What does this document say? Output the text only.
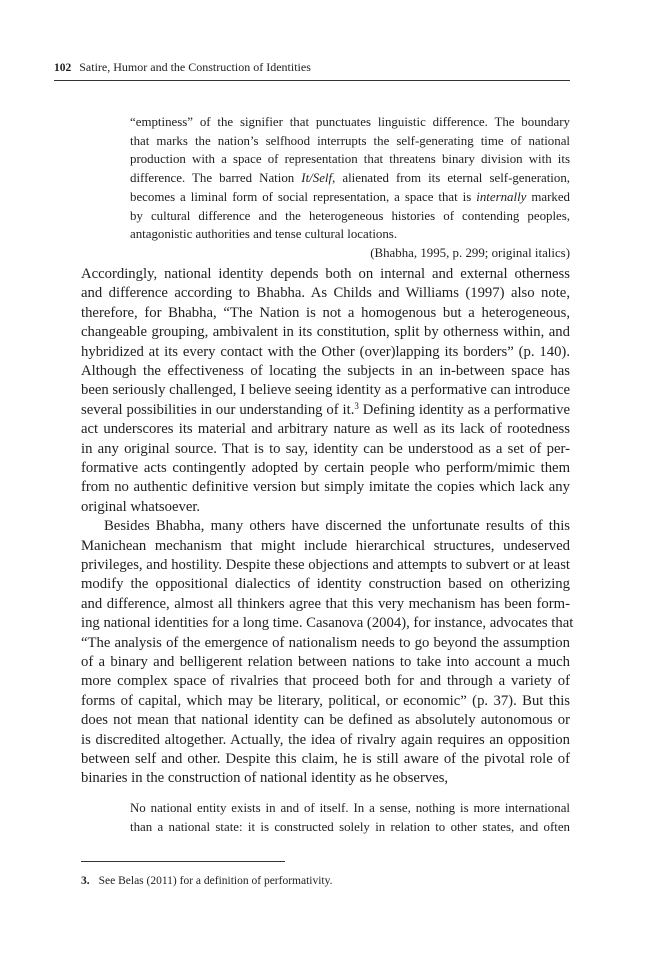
102 Satire, Humor and the Construction of Identities
“emptiness” of the signifier that punctuates linguistic difference. The boundary
that marks the nation’s selfhood interrupts the self-generating time of national
production with a space of representation that threatens binary division with its
difference. The barred Nation It/Self, alienated from its eternal self-generation,
becomes a liminal form of social representation, a space that is internally marked
by cultural difference and the heterogeneous histories of contending peoples,
antagonistic authorities and tense cultural locations.
(Bhabha, 1995, p. 299; original italics)
Accordingly, national identity depends both on internal and external otherness
and difference according to Bhabha. As Childs and Williams (1997) also note,
therefore, for Bhabha, “The Nation is not a homogenous but a heterogeneous,
changeable grouping, ambivalent in its constitution, split by otherness within, and
hybridized at its every contact with the Other (over)lapping its borders” (p. 140).
Although the effectiveness of locating the subjects in an in-between space has
been seriously challenged, I believe seeing identity as a performative can introduce
several possibilities in our understanding of it.$^3$ Defining identity as a performative
act underscores its material and arbitrary nature as well as its lack of rootedness
in any original source. That is to say, identity can be understood as a set of per-
formative acts contingently adopted by certain people who perform/mimic them
from no authentic definitive version but simply imitate the copies which lack any
original whatsoever.
Besides Bhabha, many others have discerned the unfortunate results of this
Manichean mechanism that might include hierarchical structures, undeserved
privileges, and hostility. Despite these objections and attempts to subvert or at least
modify the oppositional dialectics of identity construction based on otherizing
and difference, almost all thinkers agree that this very mechanism has been form-
ing national identities for a long time. Casanova (2004), for instance, advocates that
“The analysis of the emergence of nationalism needs to go beyond the assumption
of a binary and belligerent relation between nations to take into account a much
more complex space of rivalries that proceed both for and through a variety of
forms of capital, which may be literary, political, or economic” (p. 37). But this
does not mean that national identity can be defined as absolutely autonomous or
is discredited altogether. Actually, the idea of rivalry again requires an opposition
between self and other. Despite this claim, he is still aware of the pivotal role of
binaries in the construction of national identity as he observes,
No national entity exists in and of itself. In a sense, nothing is more international
than a national state: it is constructed solely in relation to other states, and often
3. See Belas (2011) for a definition of performativity.
